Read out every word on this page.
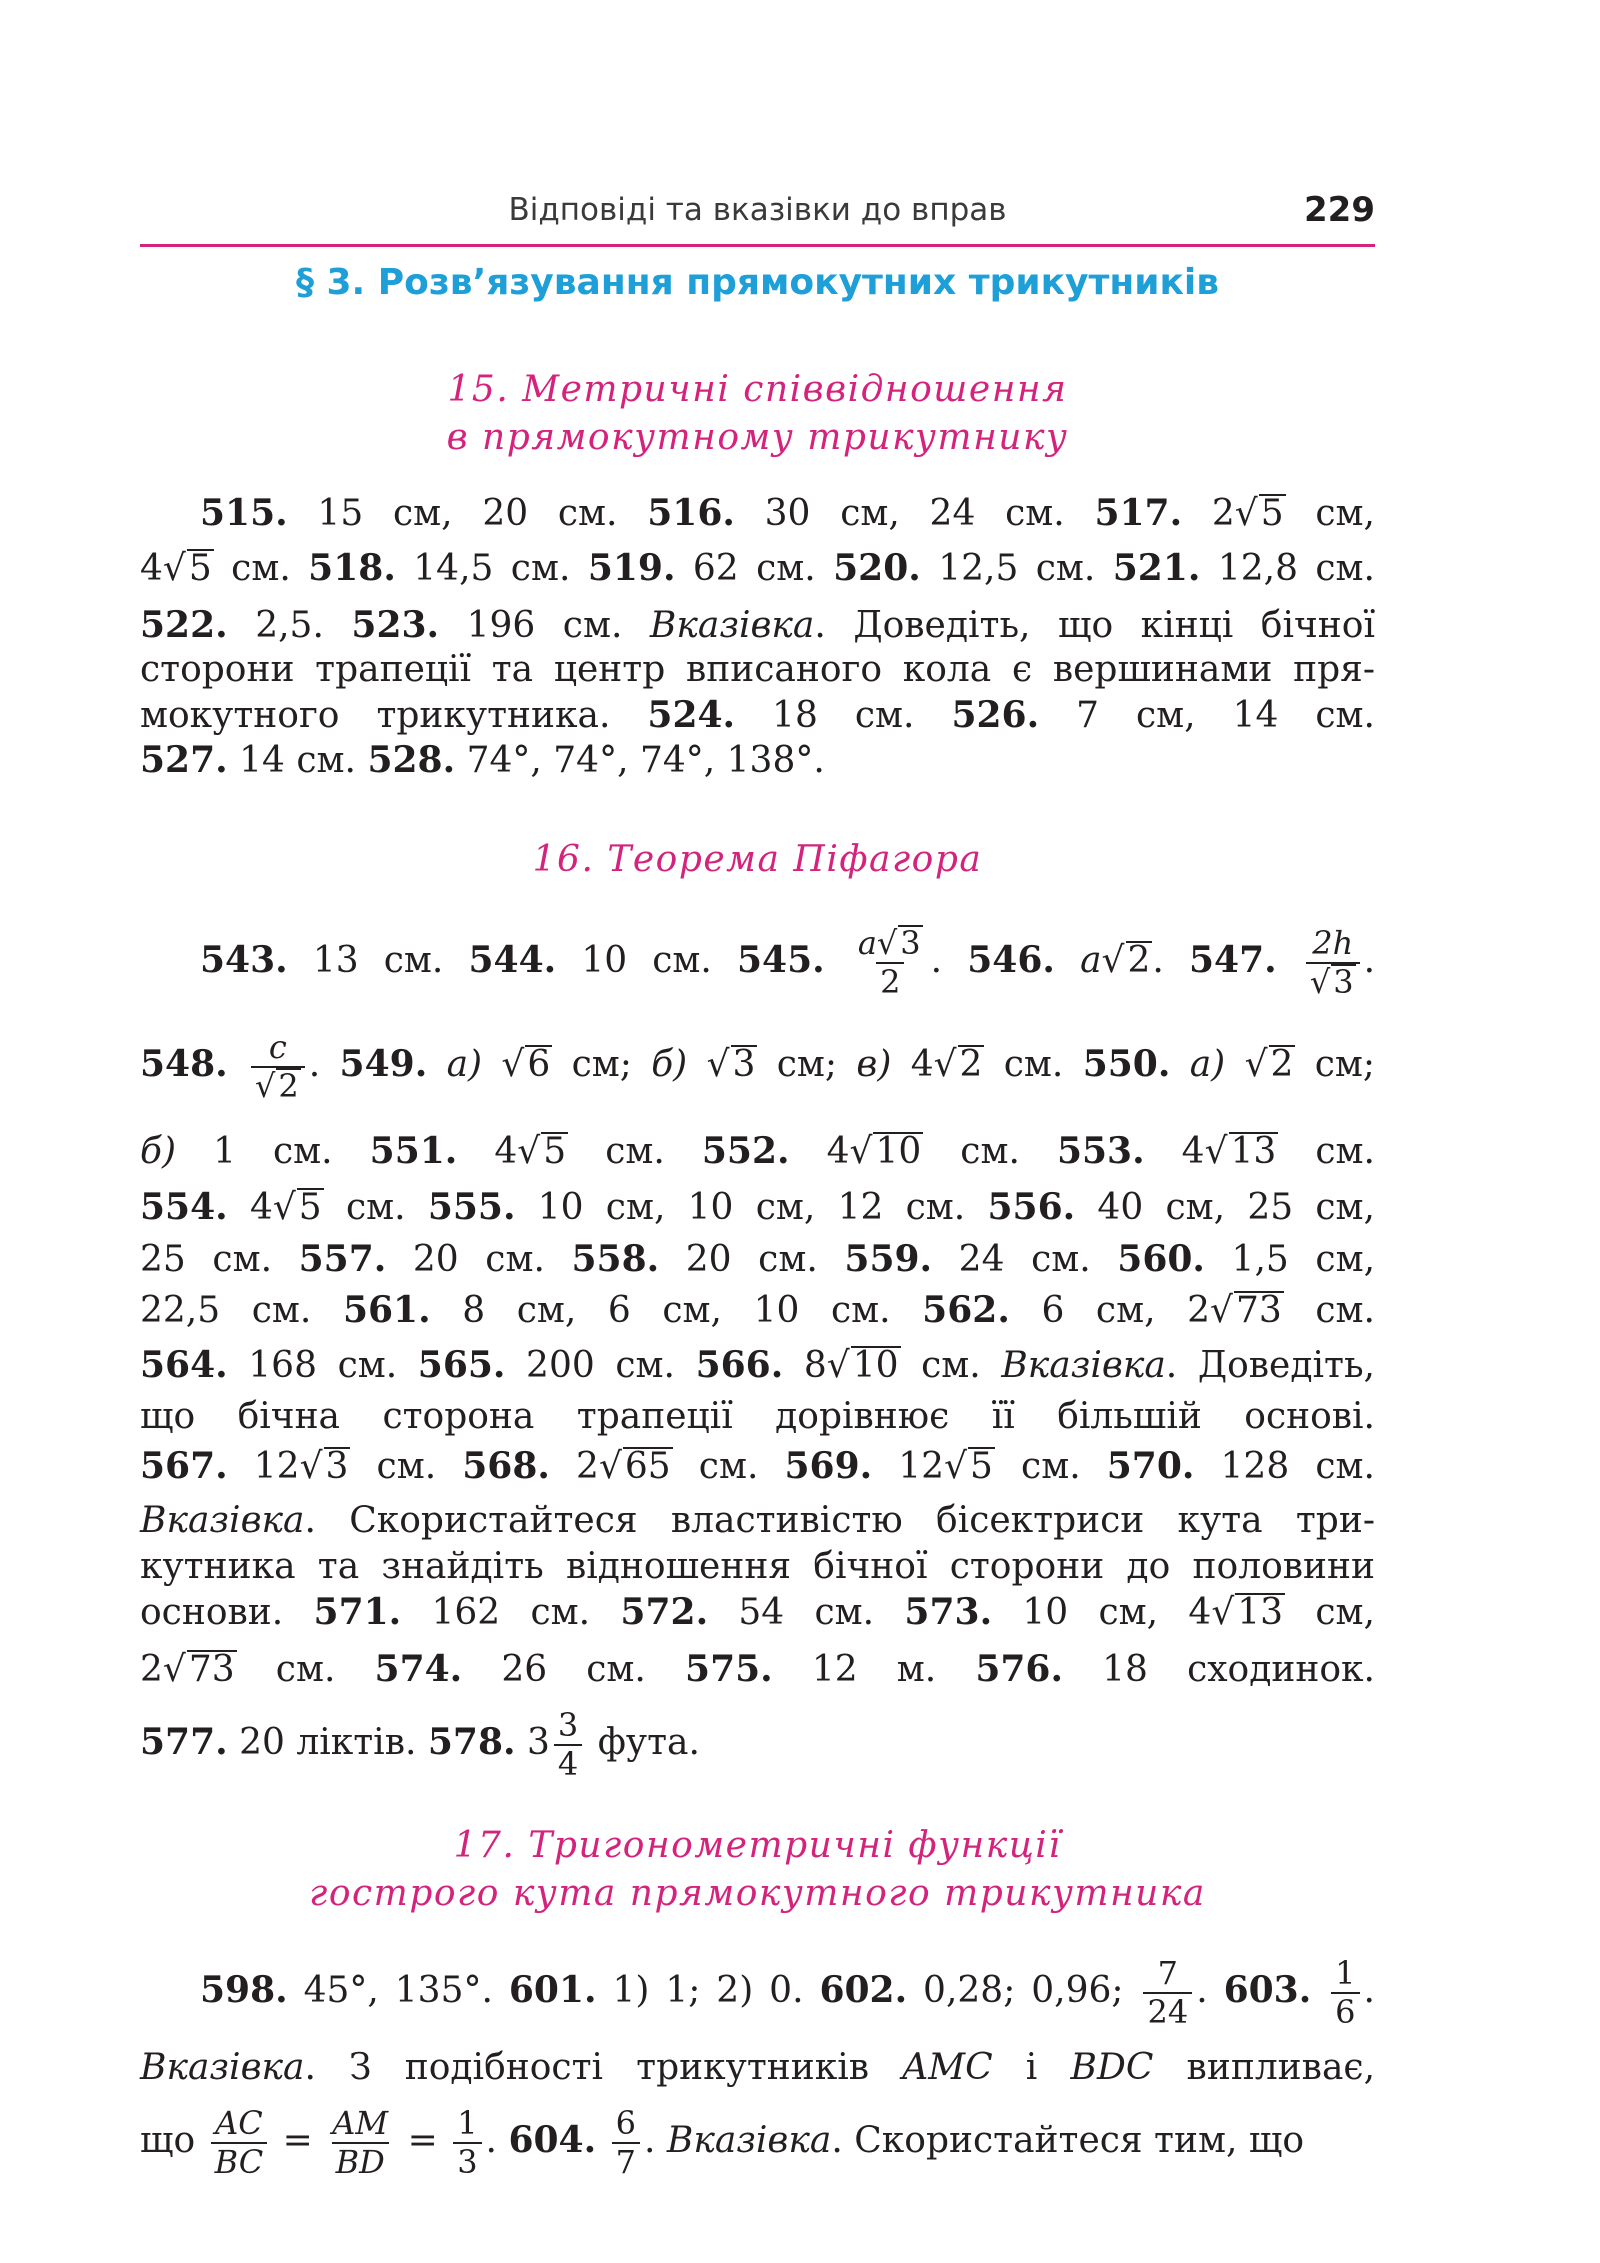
Відповіді та вказівки до вправ	229
§ 3. Розв’язування прямокутних трикутників
15. Метричні співвідношення
в прямокутному трикутнику
515. 15 см, 20 см. 516. 30 см, 24 см. 517. 2√5 см,
4√5 см. 518. 14,5 см. 519. 62 см. 520. 12,5 см. 521. 12,8 см.
522. 2,5. 523. 196 см. Вказівка. Доведіть, що кінці бічної
сторони трапеції та центр вписаного кола є вершинами пря-
мокутного трикутника. 524. 18 см. 526. 7 см, 14 см.
527. 14 см. 528. 74°, 74°, 74°, 138°.
16. Теорема Піфагора
543. 13 см. 544. 10 см. 545. $\frac{a√3}{2}$ . 546. a√2. 547. $\frac{2h}{√3}$ .
548. $\frac{c}{√2}$ . 549. а) √6 см; б) √3 см; в) 4√2 см. 550. а) √2 см;
б) 1 см. 551. 4√5 см. 552. 4√10 см. 553. 4√13 см.
554. 4√5 см. 555. 10 см, 10 см, 12 см. 556. 40 см, 25 см,
25 см. 557. 20 см. 558. 20 см. 559. 24 см. 560. 1,5 см,
22,5 см. 561. 8 см, 6 см, 10 см. 562. 6 см, 2√73 см.
564. 168 см. 565. 200 см. 566. 8√10 см. Вказівка. Доведіть,
що бічна сторона трапеції дорівнює її більшій основі.
567. 12√3 см. 568. 2√65 см. 569. 12√5 см. 570. 128 см.
Вказівка. Скористайтеся властивістю бісектриси кута три-
кутника та знайдіть відношення бічної сторони до половини
основи. 571. 162 см. 572. 54 см. 573. 10 см, 4√13 см,
2√73 см. 574. 26 см. 575. 12 м. 576. 18 сходинок.
577. 20 ліктів. 578. $3 \frac{3}{4}$ фута.
17. Тригонометричні функції
гострого кута прямокутного трикутника
598. 45°, 135°. 601. 1) 1; 2) 0. 602. 0,28; 0,96; $\frac{7}{24}$ . 603. $\frac{1}{6}$ .
Вказівка. З подібності трикутників AMC і BDC випливає,
що $\frac{AC}{BC} = \frac{AM}{BD} = \frac{1}{3}$ . 604. $\frac{6}{7}$ . Вказівка. Скористайтеся тим, що
